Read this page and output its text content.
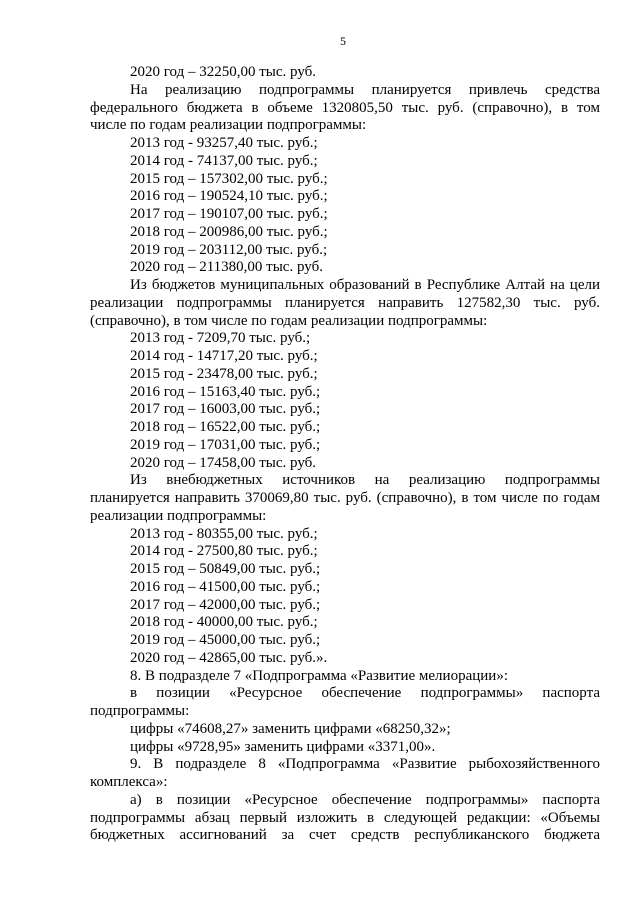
5
2020 год – 32250,00 тыс. руб.
На реализацию подпрограммы планируется привлечь средства
федерального бюджета в объеме 1320805,50 тыс. руб. (справочно), в том
числе по годам реализации подпрограммы:
2013 год - 93257,40 тыс. руб.;
2014 год - 74137,00 тыс. руб.;
2015 год – 157302,00 тыс. руб.;
2016 год – 190524,10 тыс. руб.;
2017 год – 190107,00 тыс. руб.;
2018 год – 200986,00 тыс. руб.;
2019 год – 203112,00 тыс. руб.;
2020 год – 211380,00 тыс. руб.
Из бюджетов муниципальных образований в Республике Алтай на цели
реализации подпрограммы планируется направить 127582,30 тыс. руб.
(справочно), в том числе по годам реализации подпрограммы:
2013 год - 7209,70 тыс. руб.;
2014 год - 14717,20 тыс. руб.;
2015 год - 23478,00 тыс. руб.;
2016 год – 15163,40 тыс. руб.;
2017 год – 16003,00 тыс. руб.;
2018 год – 16522,00 тыс. руб.;
2019 год – 17031,00 тыс. руб.;
2020 год – 17458,00 тыс. руб.
Из внебюджетных источников на реализацию подпрограммы
планируется направить 370069,80 тыс. руб. (справочно), в том числе по годам
реализации подпрограммы:
2013 год - 80355,00 тыс. руб.;
2014 год - 27500,80 тыс. руб.;
2015 год – 50849,00 тыс. руб.;
2016 год – 41500,00 тыс. руб.;
2017 год – 42000,00 тыс. руб.;
2018 год - 40000,00 тыс. руб.;
2019 год – 45000,00 тыс. руб.;
2020 год – 42865,00 тыс. руб.».
8. В подразделе 7 «Подпрограмма «Развитие мелиорации»:
в позиции «Ресурсное обеспечение подпрограммы» паспорта
подпрограммы:
цифры «74608,27» заменить цифрами «68250,32»;
цифры «9728,95» заменить цифрами «3371,00».
9. В подразделе 8 «Подпрограмма «Развитие рыбохозяйственного
комплекса»:
а) в позиции «Ресурсное обеспечение подпрограммы» паспорта
подпрограммы абзац первый изложить в следующей редакции: «Объемы
бюджетных ассигнований за счет средств республиканского бюджета
